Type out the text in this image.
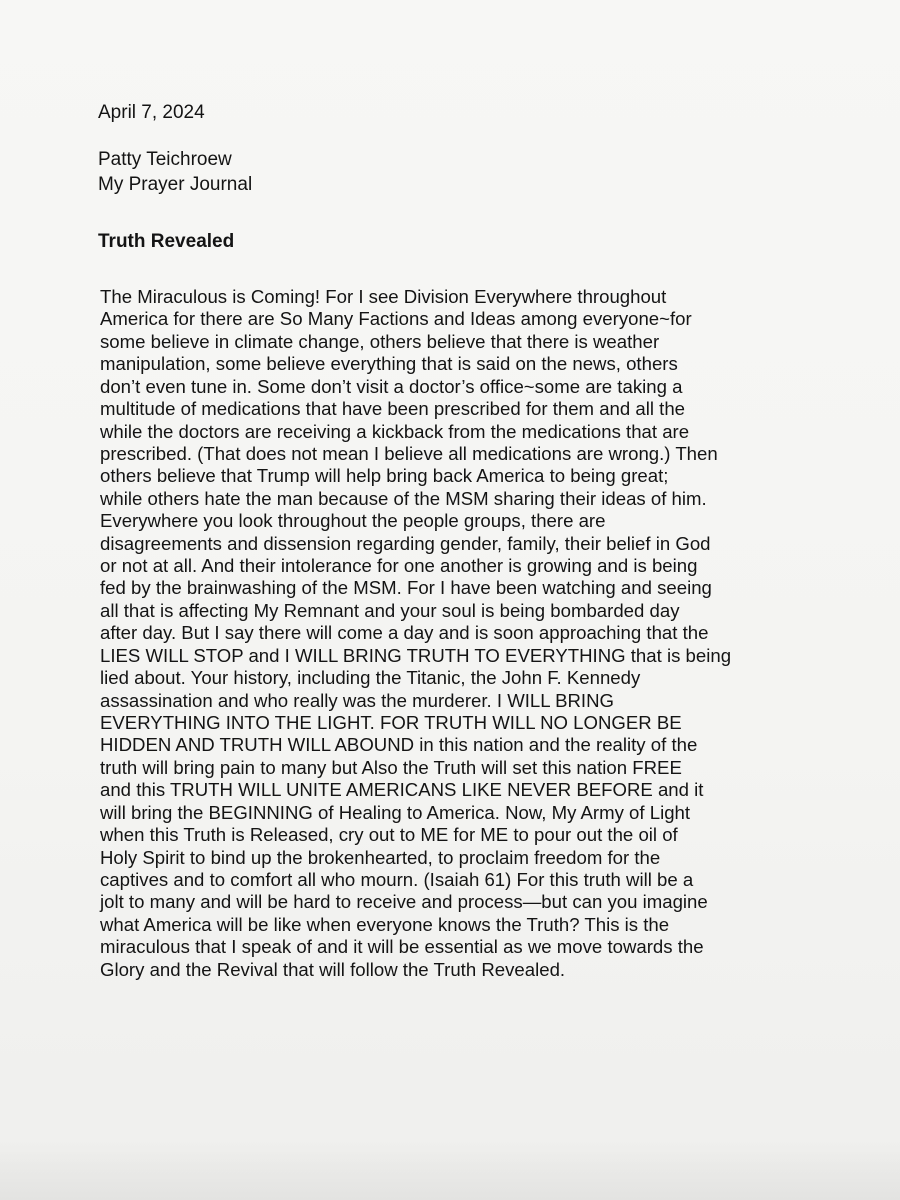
April 7, 2024

Patty Teichroew
My Prayer Journal
Truth Revealed
The Miraculous is Coming! For I see Division Everywhere throughout
America for there are So Many Factions and Ideas among everyone~for
some believe in climate change, others believe that there is weather
manipulation, some believe everything that is said on the news, others
don’t even tune in. Some don’t visit a doctor’s office~some are taking a
multitude of medications that have been prescribed for them and all the
while the doctors are receiving a kickback from the medications that are
prescribed. (That does not mean I believe all medications are wrong.) Then
others believe that Trump will help bring back America to being great;
while others hate the man because of the MSM sharing their ideas of him.
Everywhere you look throughout the people groups, there are
disagreements and dissension regarding gender, family, their belief in God
or not at all. And their intolerance for one another is growing and is being
fed by the brainwashing of the MSM. For I have been watching and seeing
all that is affecting My Remnant and your soul is being bombarded day
after day. But I say there will come a day and is soon approaching that the
LIES WILL STOP and I WILL BRING TRUTH TO EVERYTHING that is being
lied about. Your history, including the Titanic, the John F. Kennedy
assassination and who really was the murderer. I WILL BRING
EVERYTHING INTO THE LIGHT. FOR TRUTH WILL NO LONGER BE
HIDDEN AND TRUTH WILL ABOUND in this nation and the reality of the
truth will bring pain to many but Also the Truth will set this nation FREE
and this TRUTH WILL UNITE AMERICANS LIKE NEVER BEFORE and it
will bring the BEGINNING of Healing to America. Now, My Army of Light
when this Truth is Released, cry out to ME for ME to pour out the oil of
Holy Spirit to bind up the brokenhearted, to proclaim freedom for the
captives and to comfort all who mourn. (Isaiah 61) For this truth will be a
jolt to many and will be hard to receive and process—but can you imagine
what America will be like when everyone knows the Truth? This is the
miraculous that I speak of and it will be essential as we move towards the
Glory and the Revival that will follow the Truth Revealed.
